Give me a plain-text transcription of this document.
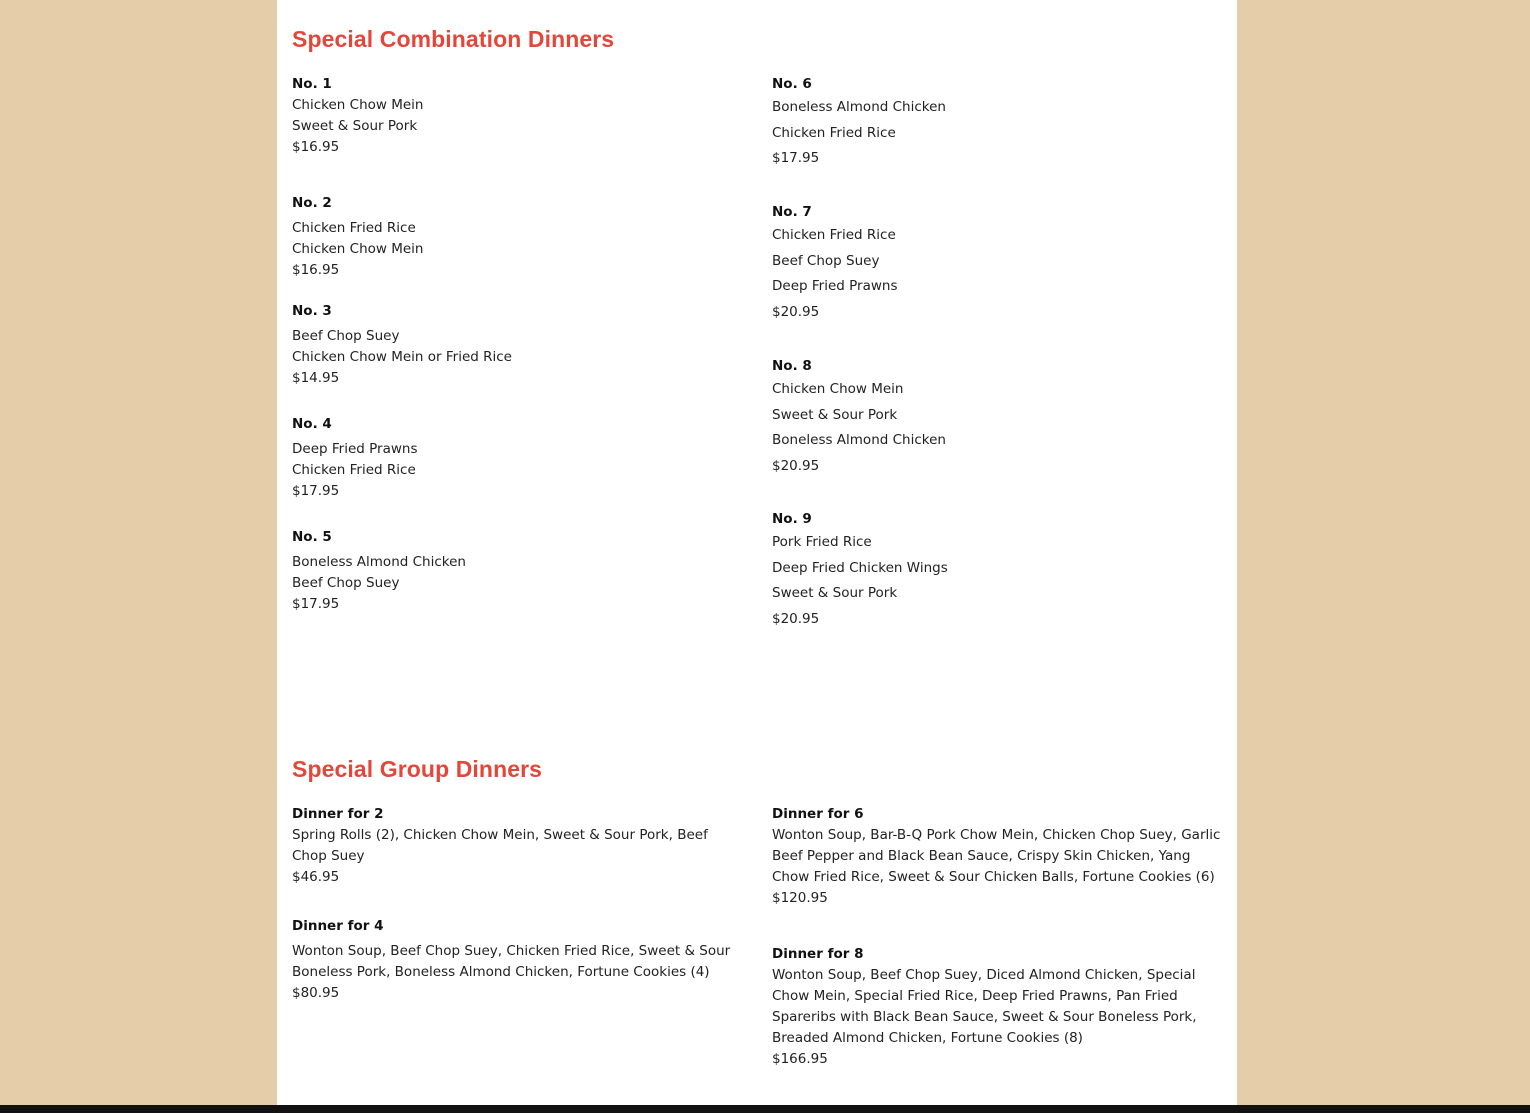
Special Combination Dinners
No. 1
Chicken Chow Mein
Sweet & Sour Pork
$16.95
No. 2
Chicken Fried Rice
Chicken Chow Mein
$16.95
No. 3
Beef Chop Suey
Chicken Chow Mein or Fried Rice
$14.95
No. 4
Deep Fried Prawns
Chicken Fried Rice
$17.95
No. 5
Boneless Almond Chicken
Beef Chop Suey
$17.95
No. 6
Boneless Almond Chicken
Chicken Fried Rice
$17.95
No. 7
Chicken Fried Rice
Beef Chop Suey
Deep Fried Prawns
$20.95
No. 8
Chicken Chow Mein
Sweet & Sour Pork
Boneless Almond Chicken
$20.95
No. 9
Pork Fried Rice
Deep Fried Chicken Wings
Sweet & Sour Pork
$20.95
Special Group Dinners
Dinner for 2
Spring Rolls (2), Chicken Chow Mein, Sweet & Sour Pork, Beef Chop Suey
$46.95
Dinner for 4
Wonton Soup, Beef Chop Suey, Chicken Fried Rice, Sweet & Sour Boneless Pork, Boneless Almond Chicken, Fortune Cookies (4)
$80.95
Dinner for 6
Wonton Soup, Bar-B-Q Pork Chow Mein, Chicken Chop Suey, Garlic Beef Pepper and Black Bean Sauce, Crispy Skin Chicken, Yang Chow Fried Rice, Sweet & Sour Chicken Balls, Fortune Cookies (6)
$120.95
Dinner for 8
Wonton Soup, Beef Chop Suey, Diced Almond Chicken, Special Chow Mein, Special Fried Rice, Deep Fried Prawns, Pan Fried Spareribs with Black Bean Sauce, Sweet & Sour Boneless Pork, Breaded Almond Chicken, Fortune Cookies (8)
$166.95
